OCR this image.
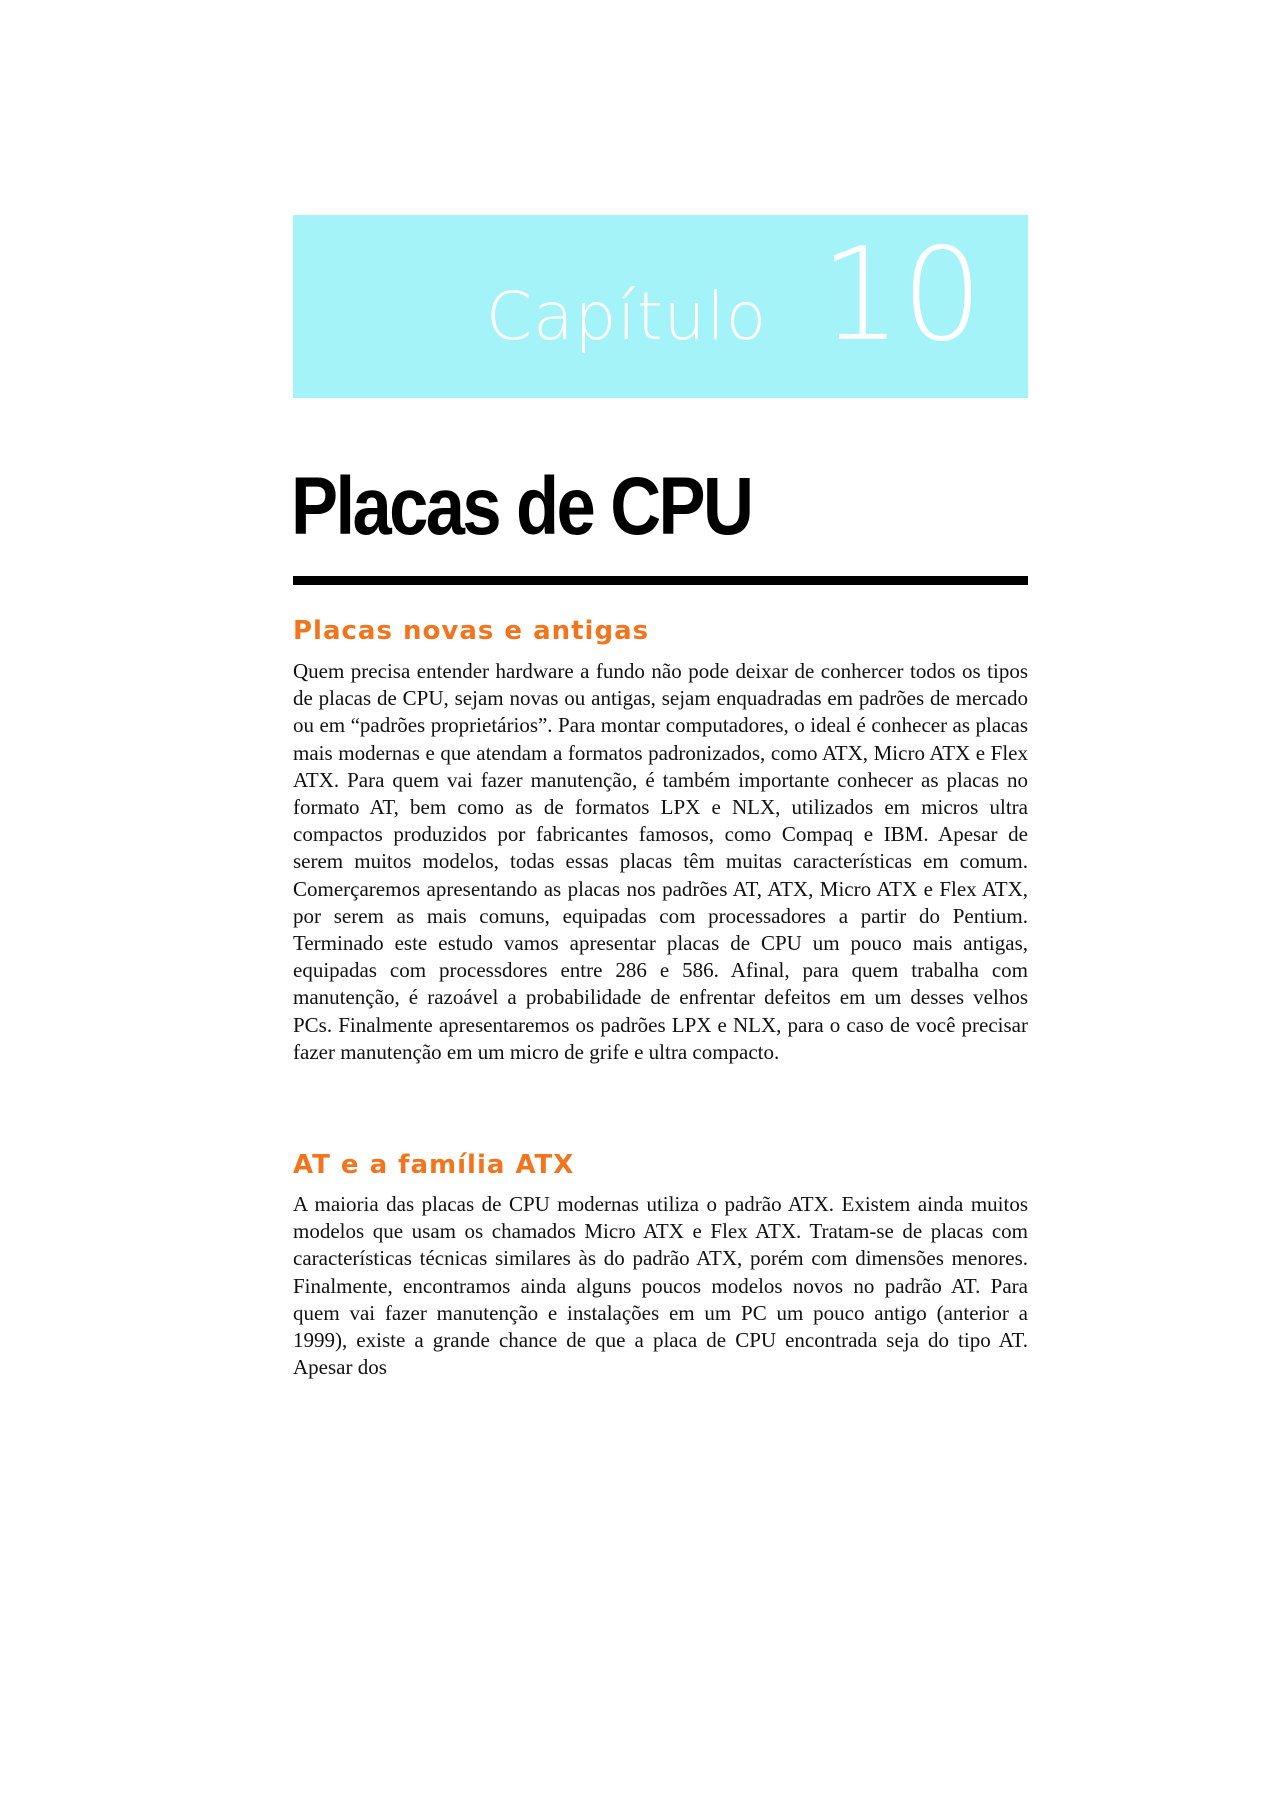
Capítulo 10
Placas de CPU
Placas novas e antigas

Quem precisa entender hardware a fundo não pode deixar de conhercer todos os tipos de placas de CPU, sejam novas ou antigas, sejam enquadradas em padrões de mercado ou em “padrões proprietários”. Para montar computadores, o ideal é conhecer as placas mais modernas e que atendam a formatos padronizados, como ATX, Micro ATX e Flex ATX. Para quem vai fazer manutenção, é também importante conhecer as placas no formato AT, bem como as de formatos LPX e NLX, utilizados em micros ultra compactos produzidos por fabricantes famosos, como Compaq e IBM. Apesar de serem muitos modelos, todas essas placas têm muitas características em comum. Comerçaremos apresentando as placas nos padrões AT, ATX, Micro ATX e Flex ATX, por serem as mais comuns, equipadas com processadores a partir do Pentium. Terminado este estudo vamos apresentar placas de CPU um pouco mais antigas, equipadas com processdores entre 286 e 586. Afinal, para quem trabalha com manutenção, é razoável a probabilidade de enfrentar defeitos em um desses velhos PCs. Finalmente apresentaremos os padrões LPX e NLX, para o caso de você precisar fazer manutenção em um micro de grife e ultra compacto.

AT e a família ATX

A maioria das placas de CPU modernas utiliza o padrão ATX. Existem ainda muitos modelos que usam os chamados Micro ATX e Flex ATX. Tratam-se de placas com características técnicas similares às do padrão ATX, porém com dimensões menores. Finalmente, encontramos ainda alguns poucos modelos novos no padrão AT. Para quem vai fazer manutenção e instalações em um PC um pouco antigo (anterior a 1999), existe a grande chance de que a placa de CPU encontrada seja do tipo AT. Apesar dos
